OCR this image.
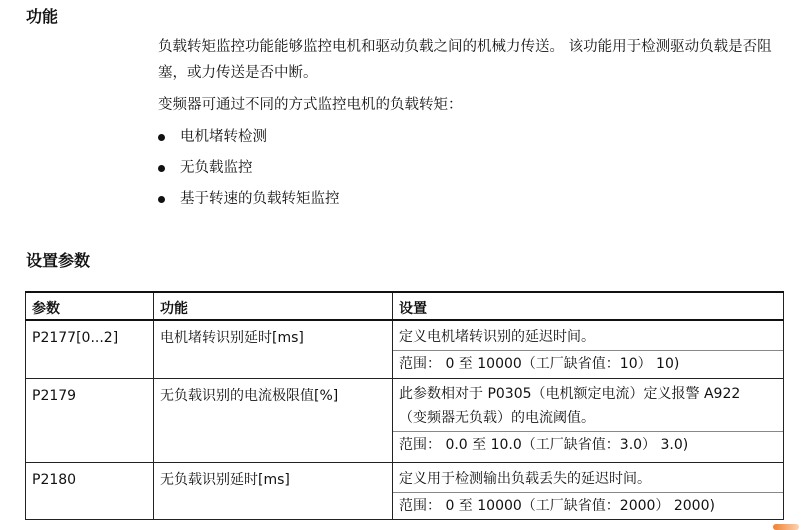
功能
负载转矩监控功能能够监控电机和驱动负载之间的机械力传送。 该功能用于检测驱动负载是否阻塞，或力传送是否中断。
变频器可通过不同的方式监控电机的负载转矩：
电机堵转检测
无负载监控
基于转速的负载转矩监控
设置参数
参数	功能	设置

P2177[0...2]	电机堵转识别延时[ms]	定义电机堵转识别的延迟时间。
范围： 0 至 10000（工厂缺省值：10） 10)

P2179	无负载识别的电流极限值[%]	此参数相对于 P0305（电机额定电流）定义报警 A922（变频器无负载）的电流阈值。
范围： 0.0 至 10.0（工厂缺省值：3.0） 3.0)

P2180	无负载识别延时[ms]	定义用于检测输出负载丢失的延迟时间。
范围： 0 至 10000（工厂缺省值：2000） 2000)
